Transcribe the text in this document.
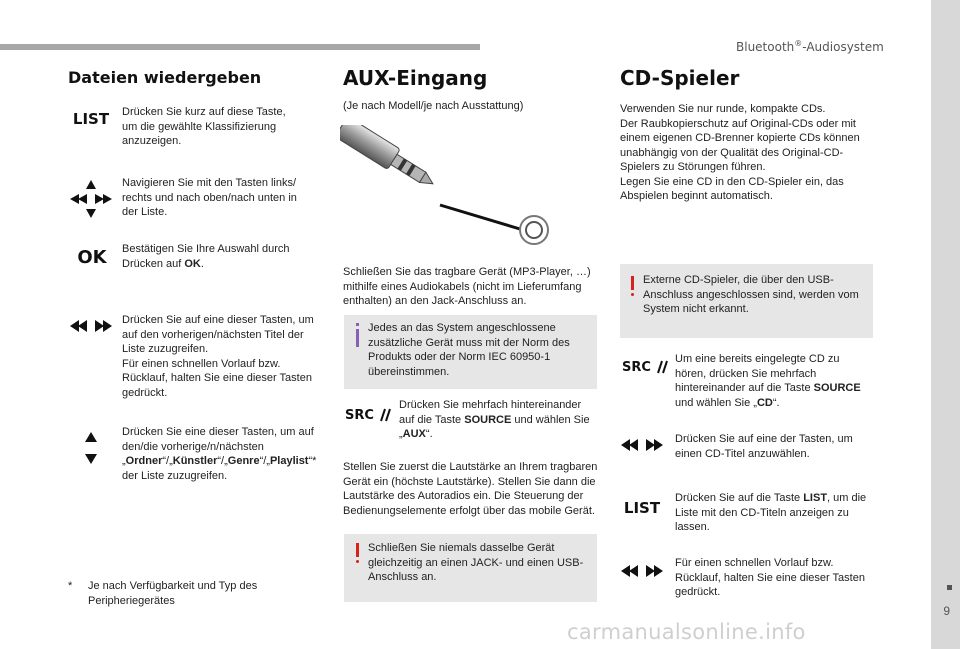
Bluetooth®-Audiosystem
9
Dateien wiedergeben
LIST	Drücken Sie kurz auf diese Taste, um die gewählte Klassifizierung anzuzeigen.
Navigieren Sie mit den Tasten links/ rechts und nach oben/nach unten in der Liste.
OK	Bestätigen Sie Ihre Auswahl durch Drücken auf OK.
Drücken Sie auf eine dieser Tasten, um auf den vorherigen/nächsten Titel der Liste zuzugreifen.
Für einen schnellen Vorlauf bzw. Rücklauf, halten Sie eine dieser Tasten gedrückt.
Drücken Sie eine dieser Tasten, um auf den/die vorherige/n/nächsten
„Ordner“/„Künstler“/„Genre“/„Playlist“*
der Liste zuzugreifen.
* Je nach Verfügbarkeit und Typ des Peripheriegerätes
AUX-Eingang
(Je nach Modell/je nach Ausstattung)
Schließen Sie das tragbare Gerät (MP3-Player, …) mithilfe eines Audiokabels (nicht im Lieferumfang enthalten) an den Jack-Anschluss an.
Jedes an das System angeschlossene zusätzliche Gerät muss mit der Norm des Produkts oder der Norm IEC 60950-1 übereinstimmen.
SRC
Drücken Sie mehrfach hintereinander auf die Taste SOURCE und wählen Sie „AUX“.
Stellen Sie zuerst die Lautstärke an Ihrem tragbaren Gerät ein (höchste Lautstärke). Stellen Sie dann die Lautstärke des Autoradios ein. Die Steuerung der Bedienungselemente erfolgt über das mobile Gerät.
Schließen Sie niemals dasselbe Gerät gleichzeitig an einen JACK- und einen USB-Anschluss an.
CD-Spieler
Verwenden Sie nur runde, kompakte CDs.
Der Raubkopierschutz auf Original-CDs oder mit einem eigenen CD-Brenner kopierte CDs können unabhängig von der Qualität des Original-CD-Spielers zu Störungen führen.
Legen Sie eine CD in den CD-Spieler ein, das Abspielen beginnt automatisch.
Externe CD-Spieler, die über den USB-Anschluss angeschlossen sind, werden vom System nicht erkannt.
SRC
Um eine bereits eingelegte CD zu hören, drücken Sie mehrfach hintereinander auf die Taste SOURCE und wählen Sie „CD“.
Drücken Sie auf eine der Tasten, um einen CD-Titel anzuwählen.
LIST
Drücken Sie auf die Taste LIST, um die Liste mit den CD-Titeln anzeigen zu lassen.
Für einen schnellen Vorlauf bzw. Rücklauf, halten Sie eine dieser Tasten gedrückt.
carmanualsonline.info
